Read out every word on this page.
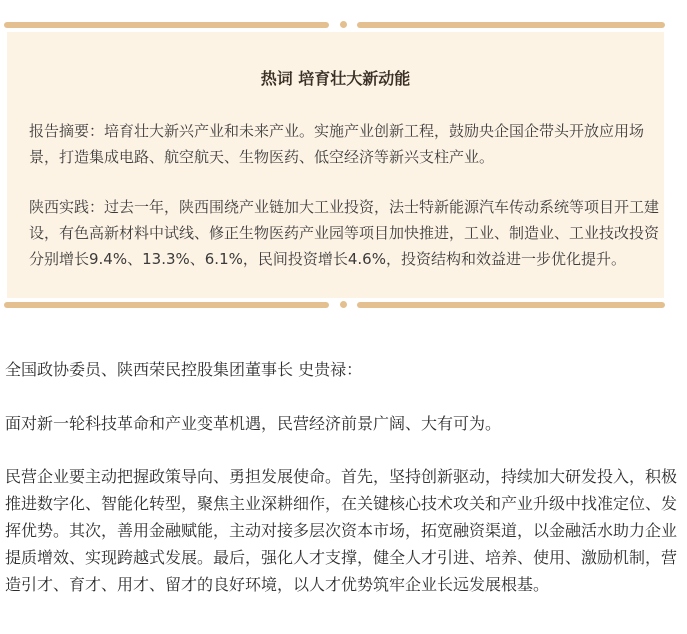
热词 培育壮大新动能

报告摘要：培育壮大新兴产业和未来产业。实施产业创新工程，鼓励央企国企带头开放应用场景，打造集成电路、航空航天、生物医药、低空经济等新兴支柱产业。

陕西实践：过去一年，陕西围绕产业链加大工业投资，法士特新能源汽车传动系统等项目开工建设，有色高新材料中试线、修正生物医药产业园等项目加快推进，工业、制造业、工业技改投资分别增长9.4%、13.3%、6.1%，民间投资增长4.6%，投资结构和效益进一步优化提升。

全国政协委员、陕西荣民控股集团董事长 史贵禄：

面对新一轮科技革命和产业变革机遇，民营经济前景广阔、大有可为。

民营企业要主动把握政策导向、勇担发展使命。首先，坚持创新驱动，持续加大研发投入，积极推进数字化、智能化转型，聚焦主业深耕细作，在关键核心技术攻关和产业升级中找准定位、发挥优势。其次，善用金融赋能，主动对接多层次资本市场，拓宽融资渠道，以金融活水助力企业提质增效、实现跨越式发展。最后，强化人才支撑，健全人才引进、培养、使用、激励机制，营造引才、育才、用才、留才的良好环境，以人才优势筑牢企业长远发展根基。
